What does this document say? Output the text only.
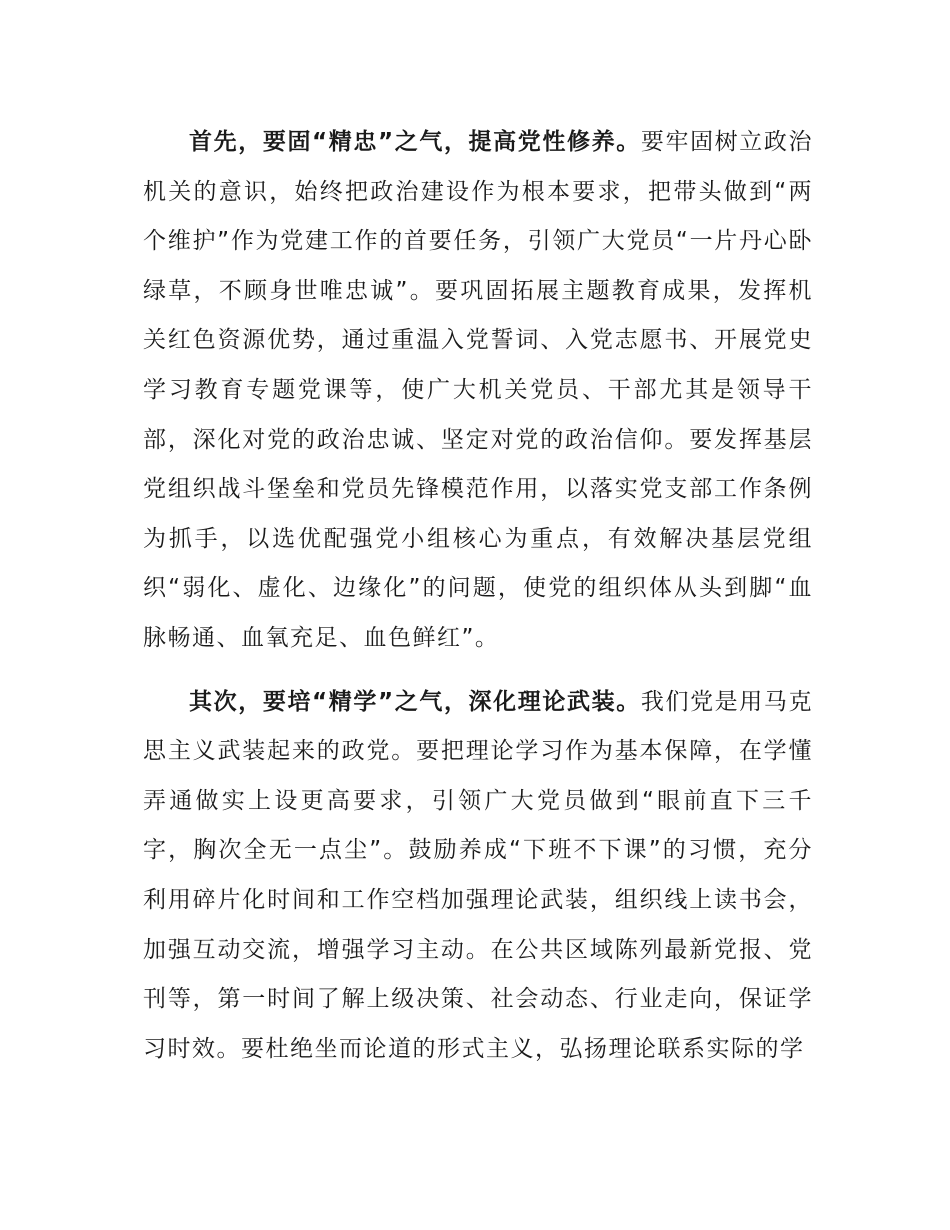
首先，要固“精忠”之气，提高党性修养。要牢固树立政治机关的意识，始终把政治建设作为根本要求，把带头做到“两个维护”作为党建工作的首要任务，引领广大党员“一片丹心卧绿草，不顾身世唯忠诚”。要巩固拓展主题教育成果，发挥机关红色资源优势，通过重温入党誓词、入党志愿书、开展党史学习教育专题党课等，使广大机关党员、干部尤其是领导干部，深化对党的政治忠诚、坚定对党的政治信仰。要发挥基层党组织战斗堡垒和党员先锋模范作用，以落实党支部工作条例为抓手，以选优配强党小组核心为重点，有效解决基层党组织“弱化、虚化、边缘化”的问题，使党的组织体从头到脚“血脉畅通、血氧充足、血色鲜红”。

其次，要培“精学”之气，深化理论武装。我们党是用马克思主义武装起来的政党。要把理论学习作为基本保障，在学懂弄通做实上设更高要求，引领广大党员做到“眼前直下三千字，胸次全无一点尘”。鼓励养成“下班不下课”的习惯，充分利用碎片化时间和工作空档加强理论武装，组织线上读书会，加强互动交流，增强学习主动。在公共区域陈列最新党报、党刊等，第一时间了解上级决策、社会动态、行业走向，保证学习时效。要杜绝坐而论道的形式主义，弘扬理论联系实际的学
